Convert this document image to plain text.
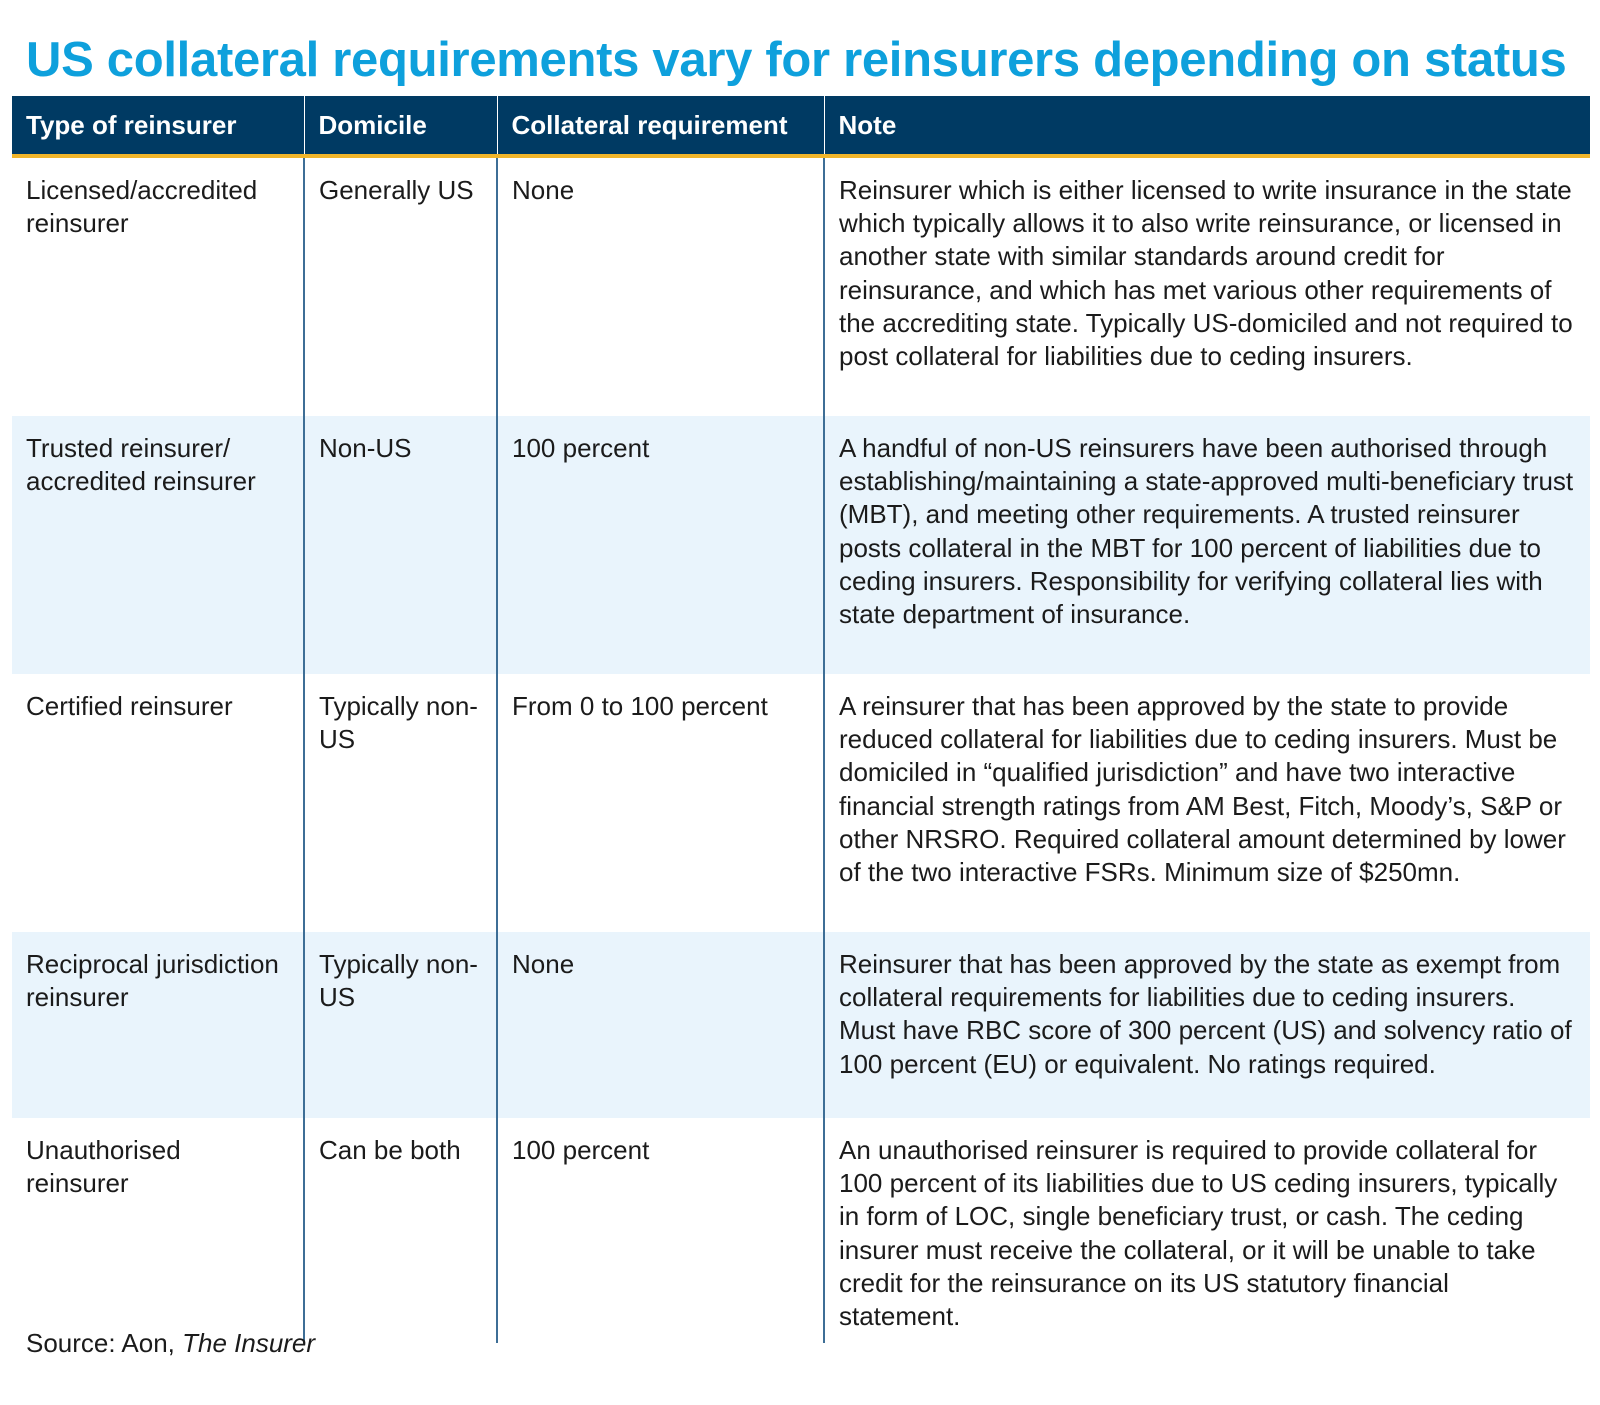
US collateral requirements vary for reinsurers depending on status
Type of reinsurer	Domicile	Collateral requirement	Note
Licensed/accredited reinsurer	Generally US	None	Reinsurer which is either licensed to write insurance in the state which typically allows it to also write reinsurance, or licensed in another state with similar standards around credit for reinsurance, and which has met various other requirements of the accrediting state. Typically US-domiciled and not required to post collateral for liabilities due to ceding insurers.
Trusted reinsurer/ accredited reinsurer	Non-US	100 percent	A handful of non-US reinsurers have been authorised through establishing/maintaining a state-approved multi-beneficiary trust (MBT), and meeting other requirements. A trusted reinsurer posts collateral in the MBT for 100 percent of liabilities due to ceding insurers. Responsibility for verifying collateral lies with state department of insurance.
Certified reinsurer	Typically non-US	From 0 to 100 percent	A reinsurer that has been approved by the state to provide reduced collateral for liabilities due to ceding insurers. Must be domiciled in “qualified jurisdiction” and have two interactive financial strength ratings from AM Best, Fitch, Moody’s, S&P or other NRSRO. Required collateral amount determined by lower of the two interactive FSRs. Minimum size of $250mn.
Reciprocal jurisdiction reinsurer	Typically non-US	None	Reinsurer that has been approved by the state as exempt from collateral requirements for liabilities due to ceding insurers. Must have RBC score of 300 percent (US) and solvency ratio of 100 percent (EU) or equivalent. No ratings required.
Unauthorised reinsurer	Can be both	100 percent	An unauthorised reinsurer is required to provide collateral for 100 percent of its liabilities due to US ceding insurers, typically in form of LOC, single beneficiary trust, or cash. The ceding insurer must receive the collateral, or it will be unable to take credit for the reinsurance on its US statutory financial statement.
Source: Aon, The Insurer
